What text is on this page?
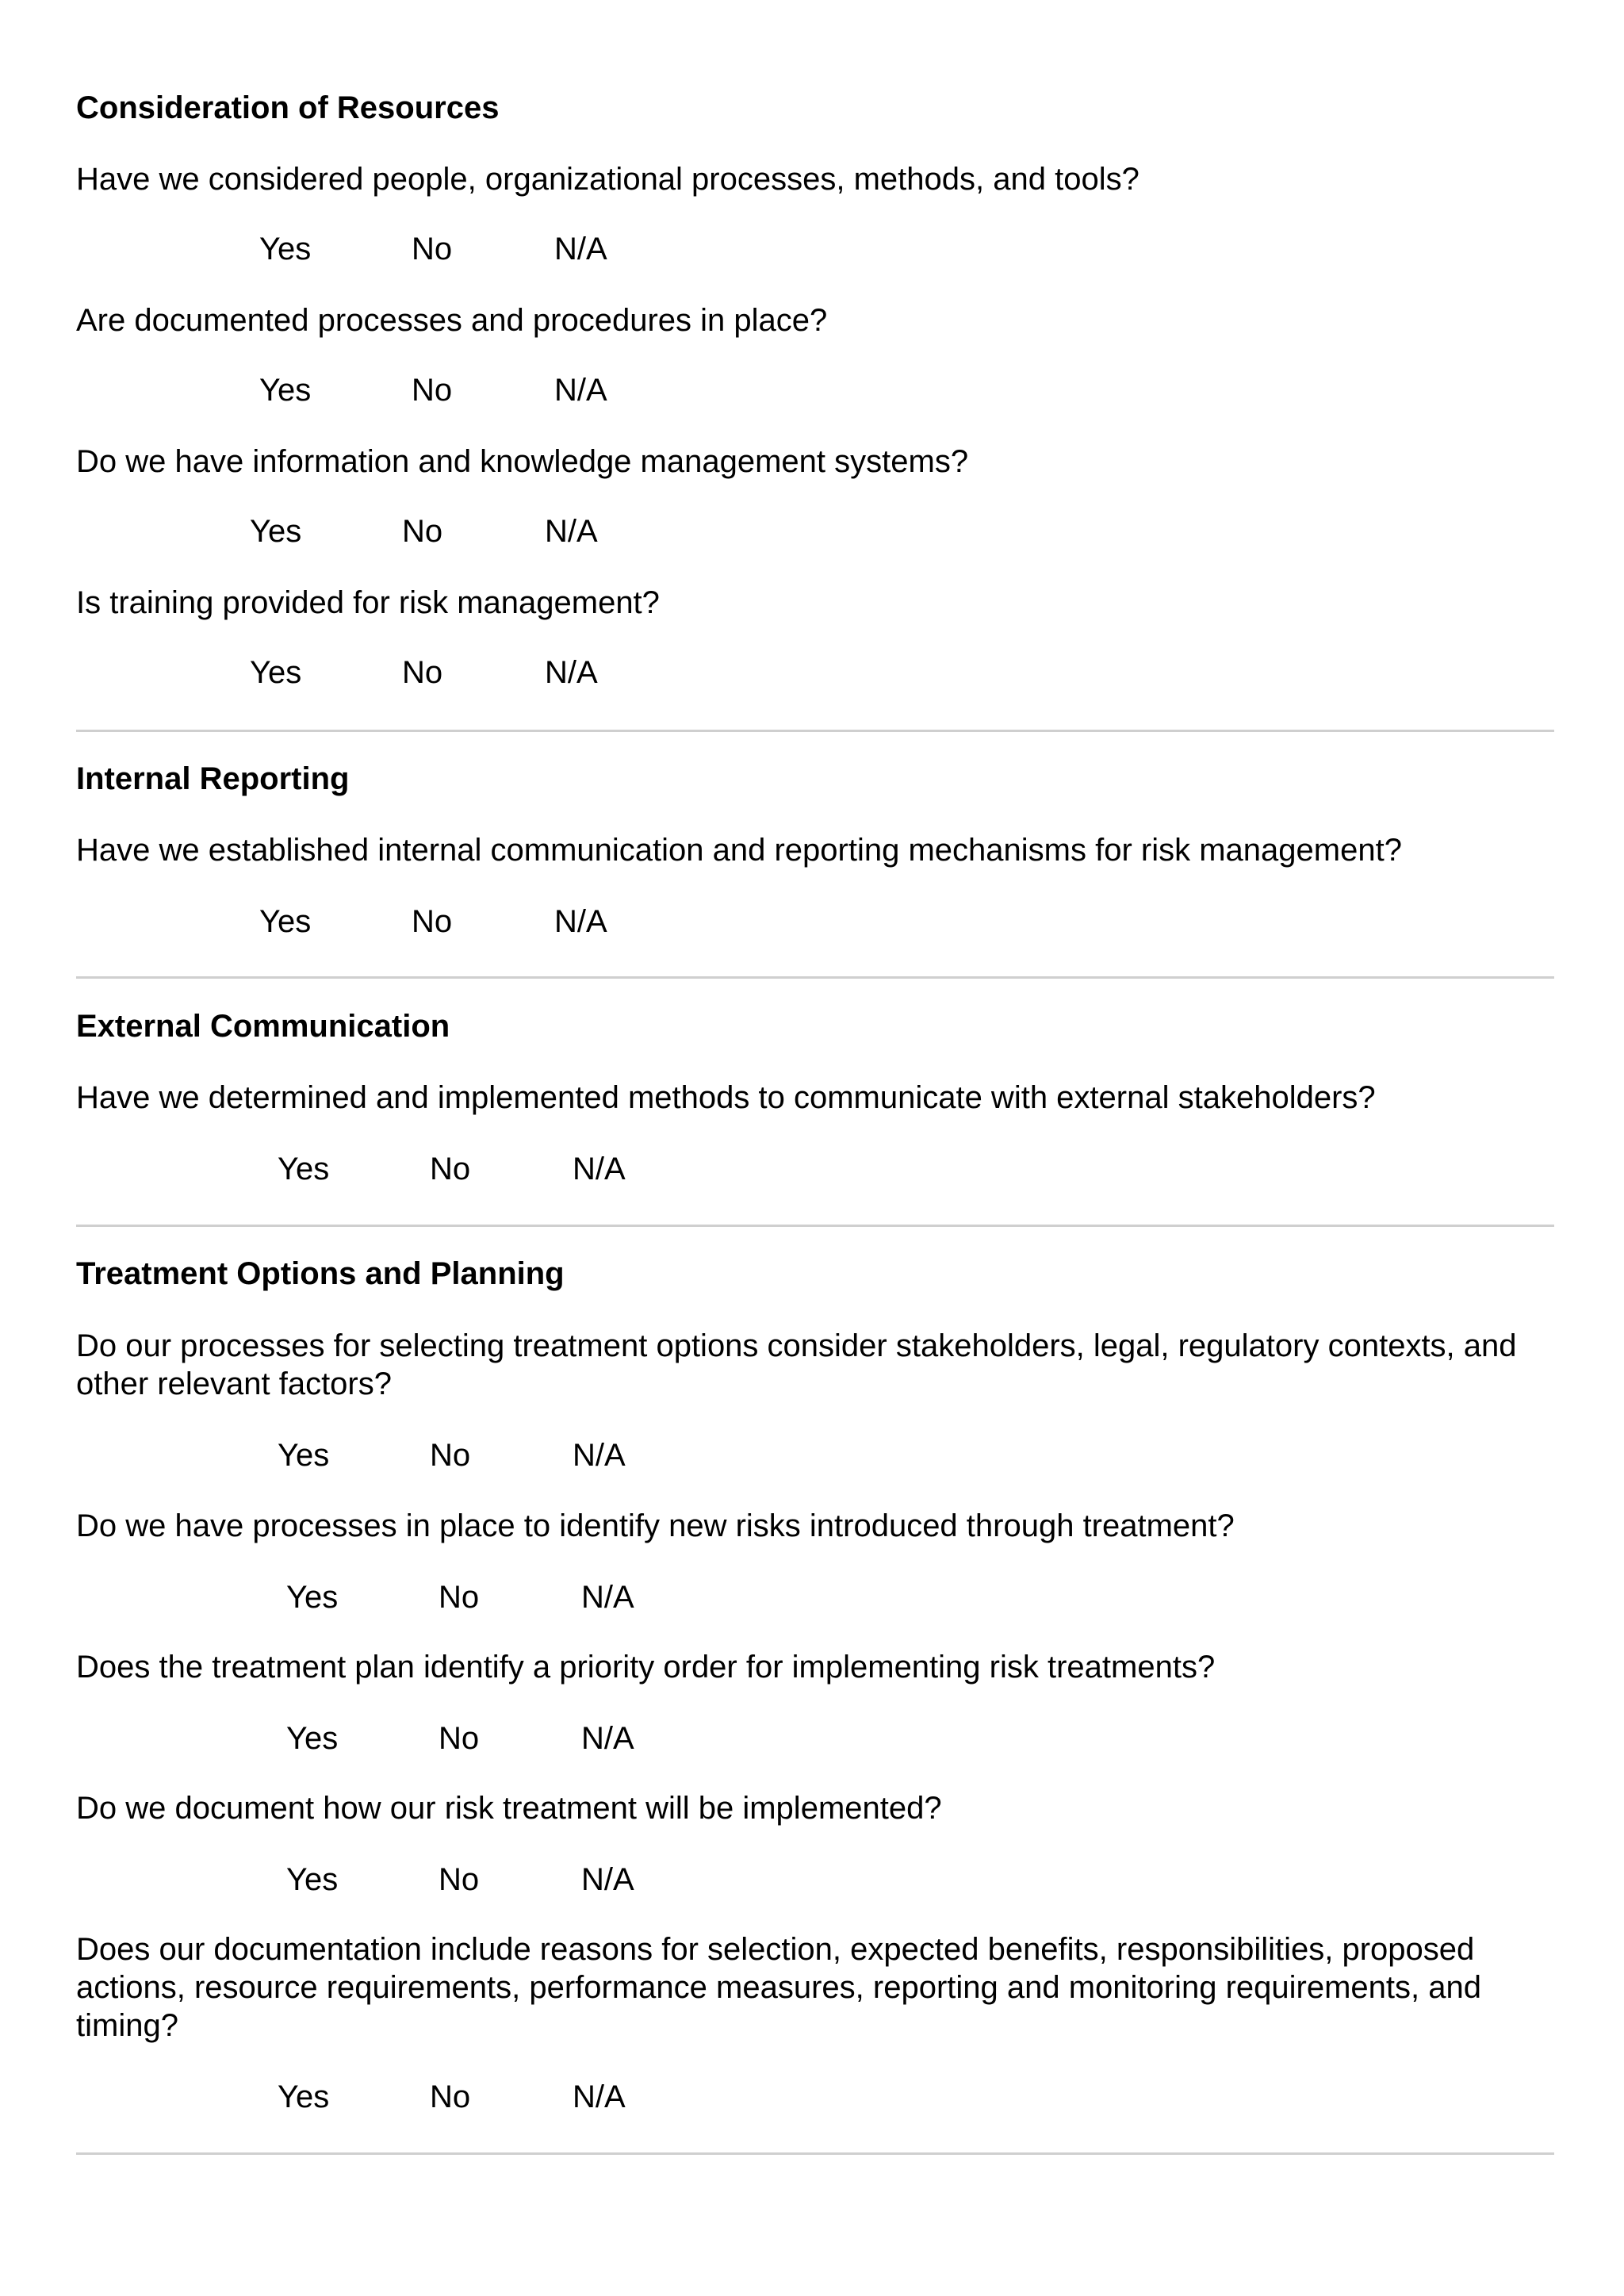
Consideration of Resources
Have we considered people, organizational processes, methods, and tools?
Yes	No	N/A
Are documented processes and procedures in place?
Yes	No	N/A
Do we have information and knowledge management systems?
Yes	No	N/A
Is training provided for risk management?
Yes	No	N/A
Internal Reporting
Have we established internal communication and reporting mechanisms for risk management?
Yes	No	N/A
External Communication
Have we determined and implemented methods to communicate with external stakeholders?
Yes	No	N/A
Treatment Options and Planning
Do our processes for selecting treatment options consider stakeholders, legal, regulatory contexts, and other relevant factors?
Yes	No	N/A
Do we have processes in place to identify new risks introduced through treatment?
Yes	No	N/A
Does the treatment plan identify a priority order for implementing risk treatments?
Yes	No	N/A
Do we document how our risk treatment will be implemented?
Yes	No	N/A
Does our documentation include reasons for selection, expected benefits, responsibilities, proposed actions, resource requirements, performance measures, reporting and monitoring requirements, and timing?
Yes	No	N/A
